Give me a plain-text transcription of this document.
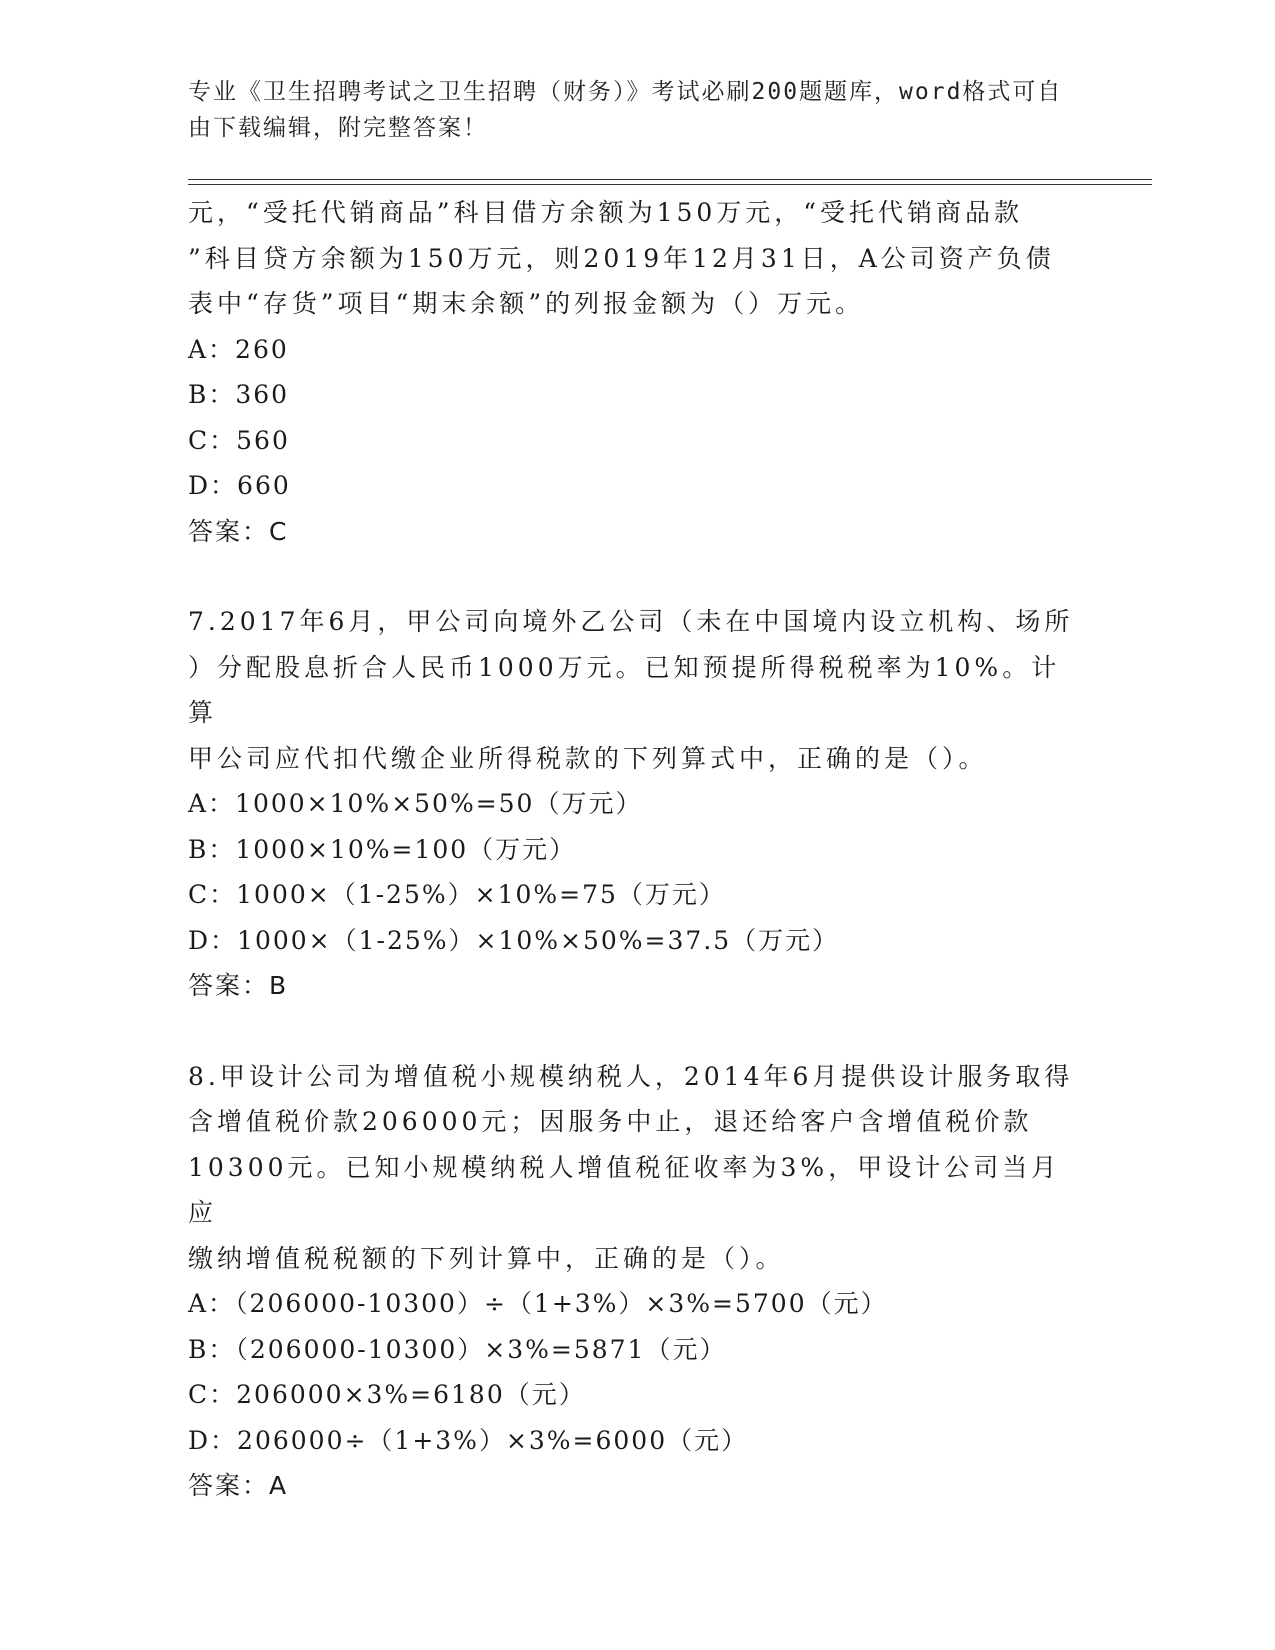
专业《卫生招聘考试之卫生招聘（财务）》考试必刷200题题库，word格式可自
由下载编辑，附完整答案！

元，“受托代销商品”科目借方余额为150万元，“受托代销商品款

”科目贷方余额为150万元，则2019年12月31日，A公司资产负债

表中“存货”项目“期末余额”的列报金额为（）万元。

A：260

B：360

C：560

D：660

答案：C

7.2017年6月，甲公司向境外乙公司（未在中国境内设立机构、场所

）分配股息折合人民币1000万元。已知预提所得税税率为10%。计算

甲公司应代扣代缴企业所得税款的下列算式中，正确的是（）。

A：1000×10%×50%=50（万元）

B：1000×10%=100（万元）

C：1000×（1-25%）×10%=75（万元）

D：1000×（1-25%）×10%×50%=37.5（万元）

答案：B

8.甲设计公司为增值税小规模纳税人，2014年6月提供设计服务取得

含增值税价款206000元；因服务中止，退还给客户含增值税价款

10300元。已知小规模纳税人增值税征收率为3%，甲设计公司当月应

缴纳增值税税额的下列计算中，正确的是（）。

A：（206000-10300）÷（1+3%）×3%=5700（元）

B：（206000-10300）×3%=5871（元）

C：206000×3%=6180（元）

D：206000÷（1+3%）×3%=6000（元）

答案：A
